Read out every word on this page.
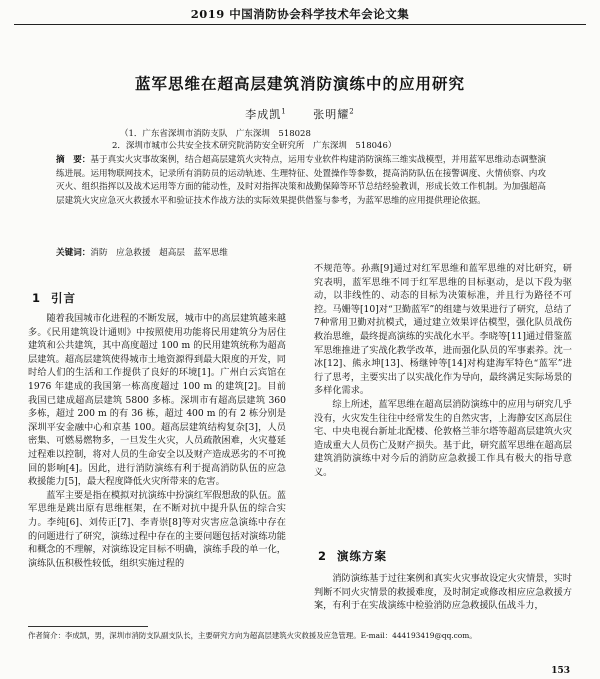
2019 中国消防协会科学技术年会论文集
蓝军思维在超高层建筑消防演练中的应用研究
李成凯$^1$ 张明耀$^2$
（1．广东省深圳市消防支队　广东深圳　518028
2．深圳市城市公共安全技术研究院消防安全研究所　广东深圳　518046）
摘　要：基于真实火灾事故案例，结合超高层建筑火灾特点，运用专业软件构建消防演练三维实战模型，并用蓝军思维动态调整演练进展。运用物联网技术，记录所有消防员的运动轨迹、生理特征、处置操作等参数，提高消防队伍在接警调度、火情侦察、内攻灭火、组织指挥以及战术运用等方面的能动性，及时对指挥决策和战勤保障等环节总结经验教训，形成长效工作机制。为加强超高层建筑火灾应急灭火救援水平和验证技术作战方法的实际效果提供借鉴与参考，为蓝军思维的应用提供理论依据。
关键词：消防　应急救援　超高层　蓝军思维
1 引言

随着我国城市化进程的不断发展，城市中的高层建筑越来越多。《民用建筑设计通则》中按照使用功能将民用建筑分为居住建筑和公共建筑，其中高度超过 100 m 的民用建筑统称为超高层建筑。超高层建筑使得城市土地资源得到最大限度的开发，同时给人们的生活和工作提供了良好的环境[1]。广州白云宾馆在 1976 年建成的我国第一栋高度超过 100 m 的建筑[2]。目前我国已建成超高层建筑 5800 多栋。深圳市有超高层建筑 360 多栋，超过 200 m 的有 36 栋，超过 400 m 的有 2 栋分别是深圳平安金融中心和京基 100。超高层建筑结构复杂[3]，人员密集、可燃易燃物多，一旦发生火灾，人员疏散困难，火灾蔓延过程难以控制，将对人员的生命安全以及财产造成恶劣的不可挽回的影响[4]。因此，进行消防演练有利于提高消防队伍的应急救援能力[5]，最大程度降低火灾所带来的危害。

蓝军主要是指在模拟对抗演练中扮演红军假想敌的队伍。蓝军思维是跳出原有思维框架，在不断对抗中提升队伍的综合实力。李纯[6]、刘传正[7]、李青崇[8]等对灾害应急演练中存在的问题进行了研究，演练过程中存在的主要问题包括对演练功能和概念的不理解，对演练设定目标不明确，演练手段的单一化，演练队伍积极性较低，组织实施过程的

不规范等。孙燕[9]通过对红军思维和蓝军思维的对比研究，研究表明，蓝军思维不同于红军思维的目标驱动，是以下段为驱动，以非线性的、动态的目标为决策标准，并且行为路径不可控。马姗等[10]对“卫勤蓝军”的组建与效果进行了研究，总结了 7种常用卫勤对抗模式，通过建立效果评估模型，强化队员战伤救治思维，最终提高演练的实战化水平。李晓等[11]通过借鉴蓝军思维推进了实战化教学改革，进而强化队员的军事素养。沈一冰[12]、熊永坤[13]、杨继钟等[14]对构建海军特色“蓝军”进行了思考，主要实出了以实战化作为导向，最终满足实际场景的多样化需求。

综上所述，蓝军思维在超高层消防演练中的应用与研究几乎没有，火灾发生往往中经常发生的自然灾害，上海静安区高层住宅、中央电视台新址北配楼、伦敦格兰菲尔塔等超高层建筑火灾造成重大人员伤亡及财产损失。基于此，研究蓝军思维在超高层建筑消防演练中对今后的消防应急救援工作具有极大的指导意义。

2 演练方案

消防演练基于过往案例和真实火灾事故设定火灾情景，实时判断不同火灾情景的救援难度，及时制定或修改相应应急救援方案，有利于在实战演练中检验消防应急救援队伍战斗力，

作者简介：李成凯，男，深圳市消防支队副支队长，主要研究方向为超高层建筑火灾救援及应急管理。E-mail：444193419@qq.com。
153
